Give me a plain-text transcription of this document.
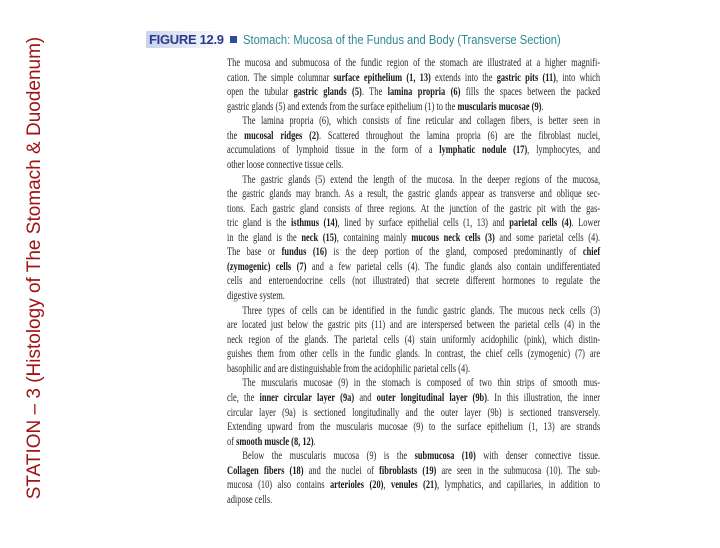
STATION – 3 (Histology of The Stomach & Duodenum)	FIGURE 12.9	Stomach: Mucosa of the Fundus and Body (Transverse Section)
The mucosa and submucosa of the fundic region of the stomach are illustrated at a higher magnifi-
cation. The simple columnar surface epithelium (1, 13) extends into the gastric pits (11), into which
open the tubular gastric glands (5). The lamina propria (6) fills the spaces between the packed
gastric glands (5) and extends from the surface epithelium (1) to the muscularis mucosae (9).
The lamina propria (6), which consists of fine reticular and collagen fibers, is better seen in
the mucosal ridges (2). Scattered throughout the lamina propria (6) are the fibroblast nuclei,
accumulations of lymphoid tissue in the form of a lymphatic nodule (17), lymphocytes, and
other loose connective tissue cells.
The gastric glands (5) extend the length of the mucosa. In the deeper regions of the mucosa,
the gastric glands may branch. As a result, the gastric glands appear as transverse and oblique sec-
tions. Each gastric gland consists of three regions. At the junction of the gastric pit with the gas-
tric gland is the isthmus (14), lined by surface epithelial cells (1, 13) and parietal cells (4). Lower
in the gland is the neck (15), containing mainly mucous neck cells (3) and some parietal cells (4).
The base or fundus (16) is the deep portion of the gland, composed predominantly of chief
(zymogenic) cells (7) and a few parietal cells (4). The fundic glands also contain undifferentiated
cells and enteroendocrine cells (not illustrated) that secrete different hormones to regulate the
digestive system.
Three types of cells can be identified in the fundic gastric glands. The mucous neck cells (3)
are located just below the gastric pits (11) and are interspersed between the parietal cells (4) in the
neck region of the glands. The parietal cells (4) stain uniformly acidophilic (pink), which distin-
guishes them from other cells in the fundic glands. In contrast, the chief cells (zymogenic) (7) are
basophilic and are distinguishable from the acidophilic parietal cells (4).
The muscularis mucosae (9) in the stomach is composed of two thin strips of smooth mus-
cle, the inner circular layer (9a) and outer longitudinal layer (9b). In this illustration, the inner
circular layer (9a) is sectioned longitudinally and the outer layer (9b) is sectioned transversely.
Extending upward from the muscularis mucosae (9) to the surface epithelium (1, 13) are strands
of smooth muscle (8, 12).
Below the muscularis mucosa (9) is the submucosa (10) with denser connective tissue.
Collagen fibers (18) and the nuclei of fibroblasts (19) are seen in the submucosa (10). The sub-
mucosa (10) also contains arterioles (20), venules (21), lymphatics, and capillaries, in addition to
adipose cells.
